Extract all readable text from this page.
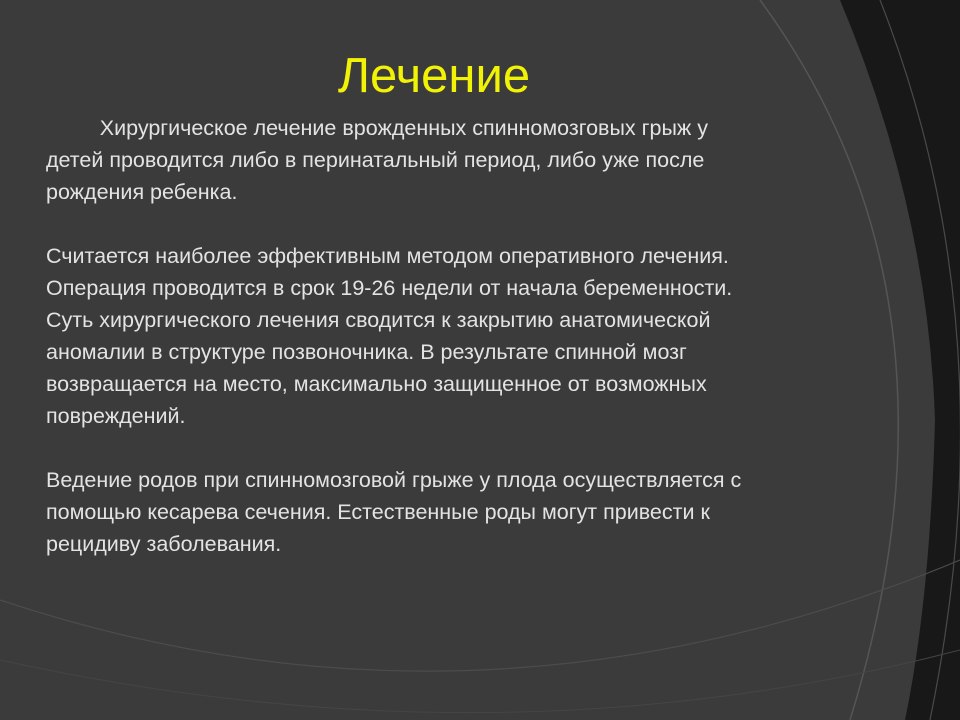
Лечение

Хирургическое лечение врожденных спинномозговых грыж у
детей проводится либо в перинатальный период, либо уже после
рождения ребенка.

Считается наиболее эффективным методом оперативного лечения.
Операция проводится в срок 19-26 недели от начала беременности.
Суть хирургического лечения сводится к закрытию анатомической
аномалии в структуре позвоночника. В результате спинной мозг
возвращается на место, максимально защищенное от возможных
повреждений.

Ведение родов при спинномозговой грыже у плода осуществляется с
помощью кесарева сечения. Естественные роды могут привести к
рецидиву заболевания.
